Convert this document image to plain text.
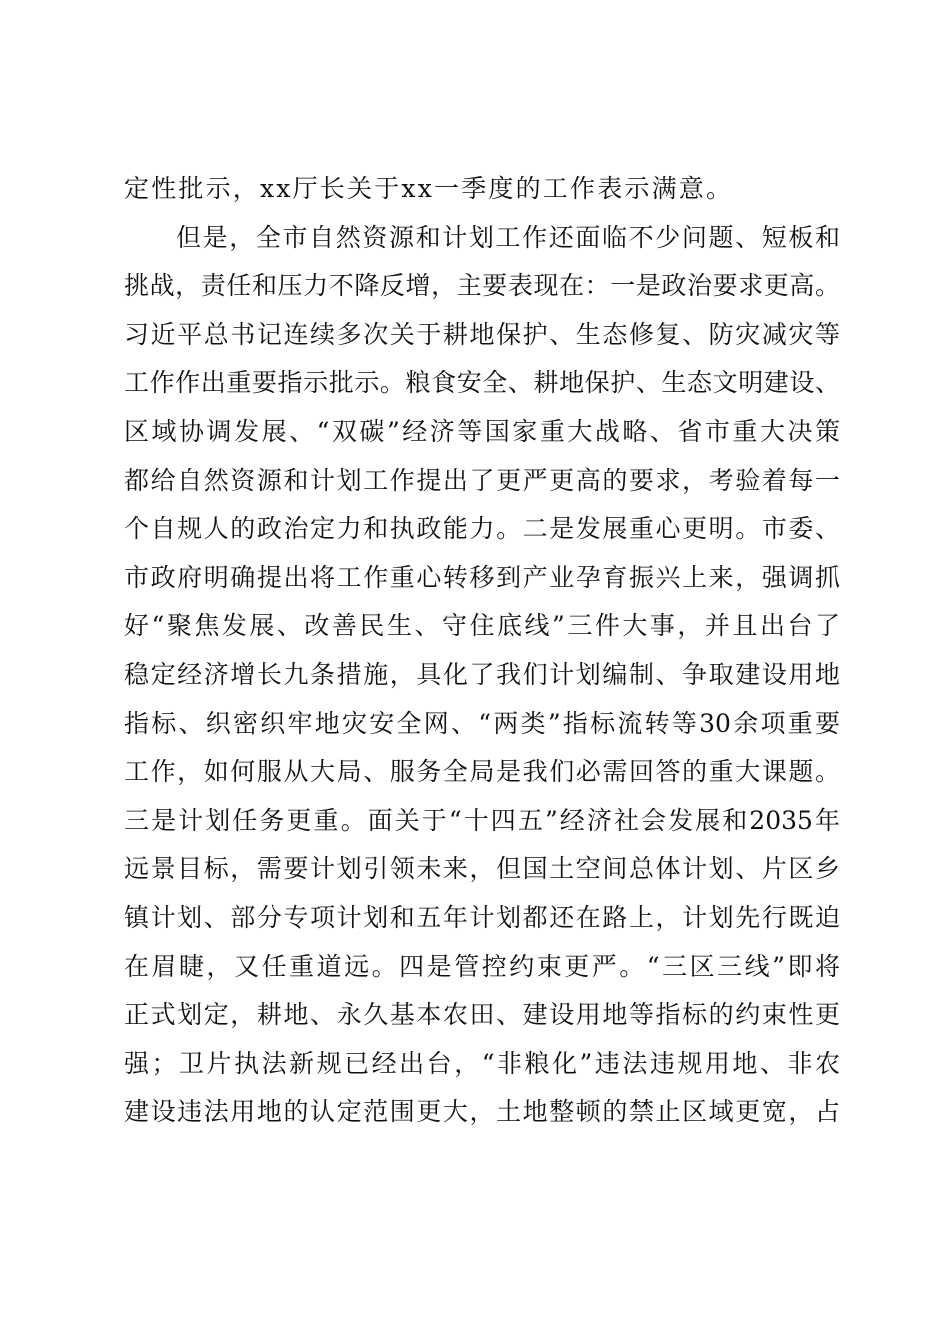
定性批示，xx厅长关于xx一季度的工作表示满意。
但是，全市自然资源和计划工作还面临不少问题、短板和
挑战，责任和压力不降反增，主要表现在：一是政治要求更高。
习近平总书记连续多次关于耕地保护、生态修复、防灾减灾等
工作作出重要指示批示。粮食安全、耕地保护、生态文明建设、
区域协调发展、“双碳”经济等国家重大战略、省市重大决策
都给自然资源和计划工作提出了更严更高的要求，考验着每一
个自规人的政治定力和执政能力。二是发展重心更明。市委、
市政府明确提出将工作重心转移到产业孕育振兴上来，强调抓
好“聚焦发展、改善民生、守住底线”三件大事，并且出台了
稳定经济增长九条措施，具化了我们计划编制、争取建设用地
指标、织密织牢地灾安全网、“两类”指标流转等30余项重要
工作，如何服从大局、服务全局是我们必需回答的重大课题。
三是计划任务更重。面关于“十四五”经济社会发展和2035年
远景目标，需要计划引领未来，但国土空间总体计划、片区乡
镇计划、部分专项计划和五年计划都还在路上，计划先行既迫
在眉睫，又任重道远。四是管控约束更严。“三区三线”即将
正式划定，耕地、永久基本农田、建设用地等指标的约束性更
强；卫片执法新规已经出台，“非粮化”违法违规用地、非农
建设违法用地的认定范围更大，土地整顿的禁止区域更宽，占
